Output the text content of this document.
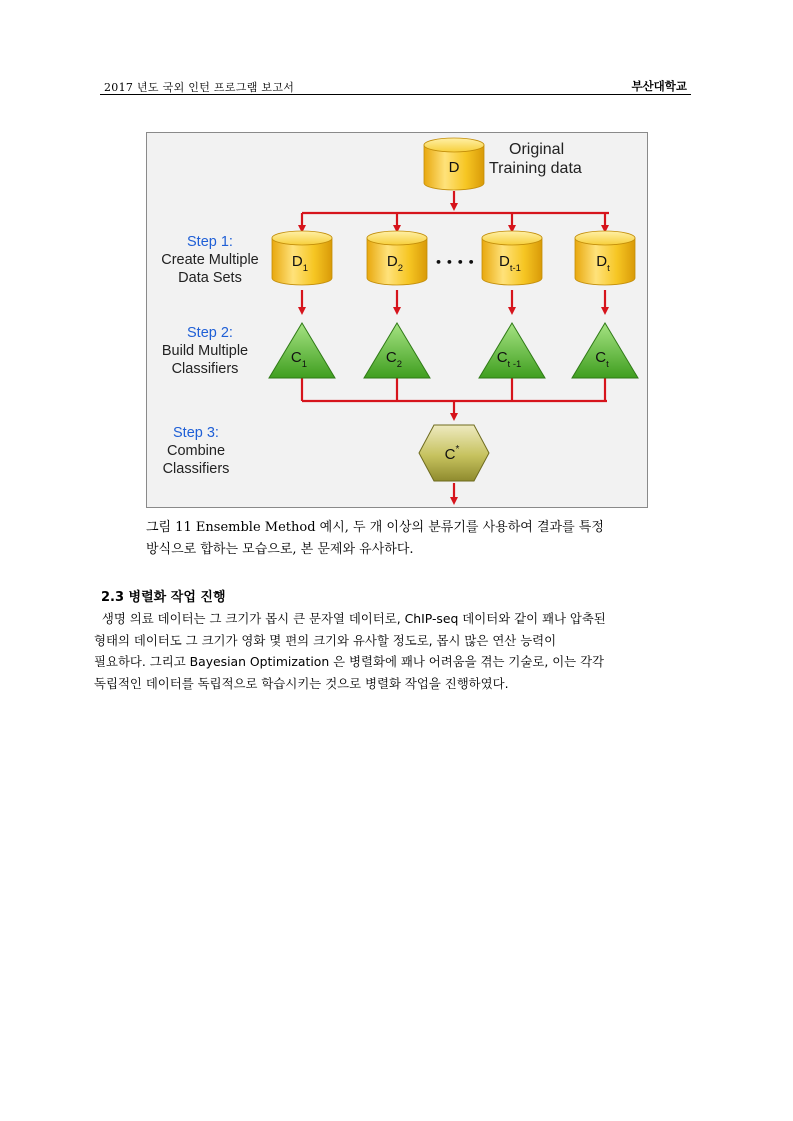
2017 년도 국외 인턴 프로그램 보고서	부산대학교
D
Original Training data
Step 1:
Create Multiple
Data Sets
Step 2:
Build Multiple
Classifiers
Step 3:
Combine
Classifiers
$D_1$	$D_2$	$D_{t-1}$	$D_t$
• • • •
$C_1$	$C_2$	$C_{t -1}$	$C_t$
C*
그림 11 Ensemble Method 예시, 두 개 이상의 분류기를 사용하여 결과를 특정
방식으로 합하는 모습으로, 본 문제와 유사하다.
2.3 병렬화 작업 진행
생명 의료 데이터는 그 크기가 몹시 큰 문자열 데이터로, ChIP-seq 데이터와 같이 꽤나 압축된
형태의 데이터도 그 크기가 영화 몇 편의 크기와 유사할 정도로, 몹시 많은 연산 능력이
필요하다. 그리고 Bayesian Optimization 은 병렬화에 꽤나 어려움을 겪는 기술로, 이는 각각
독립적인 데이터를 독립적으로 학습시키는 것으로 병렬화 작업을 진행하였다.
